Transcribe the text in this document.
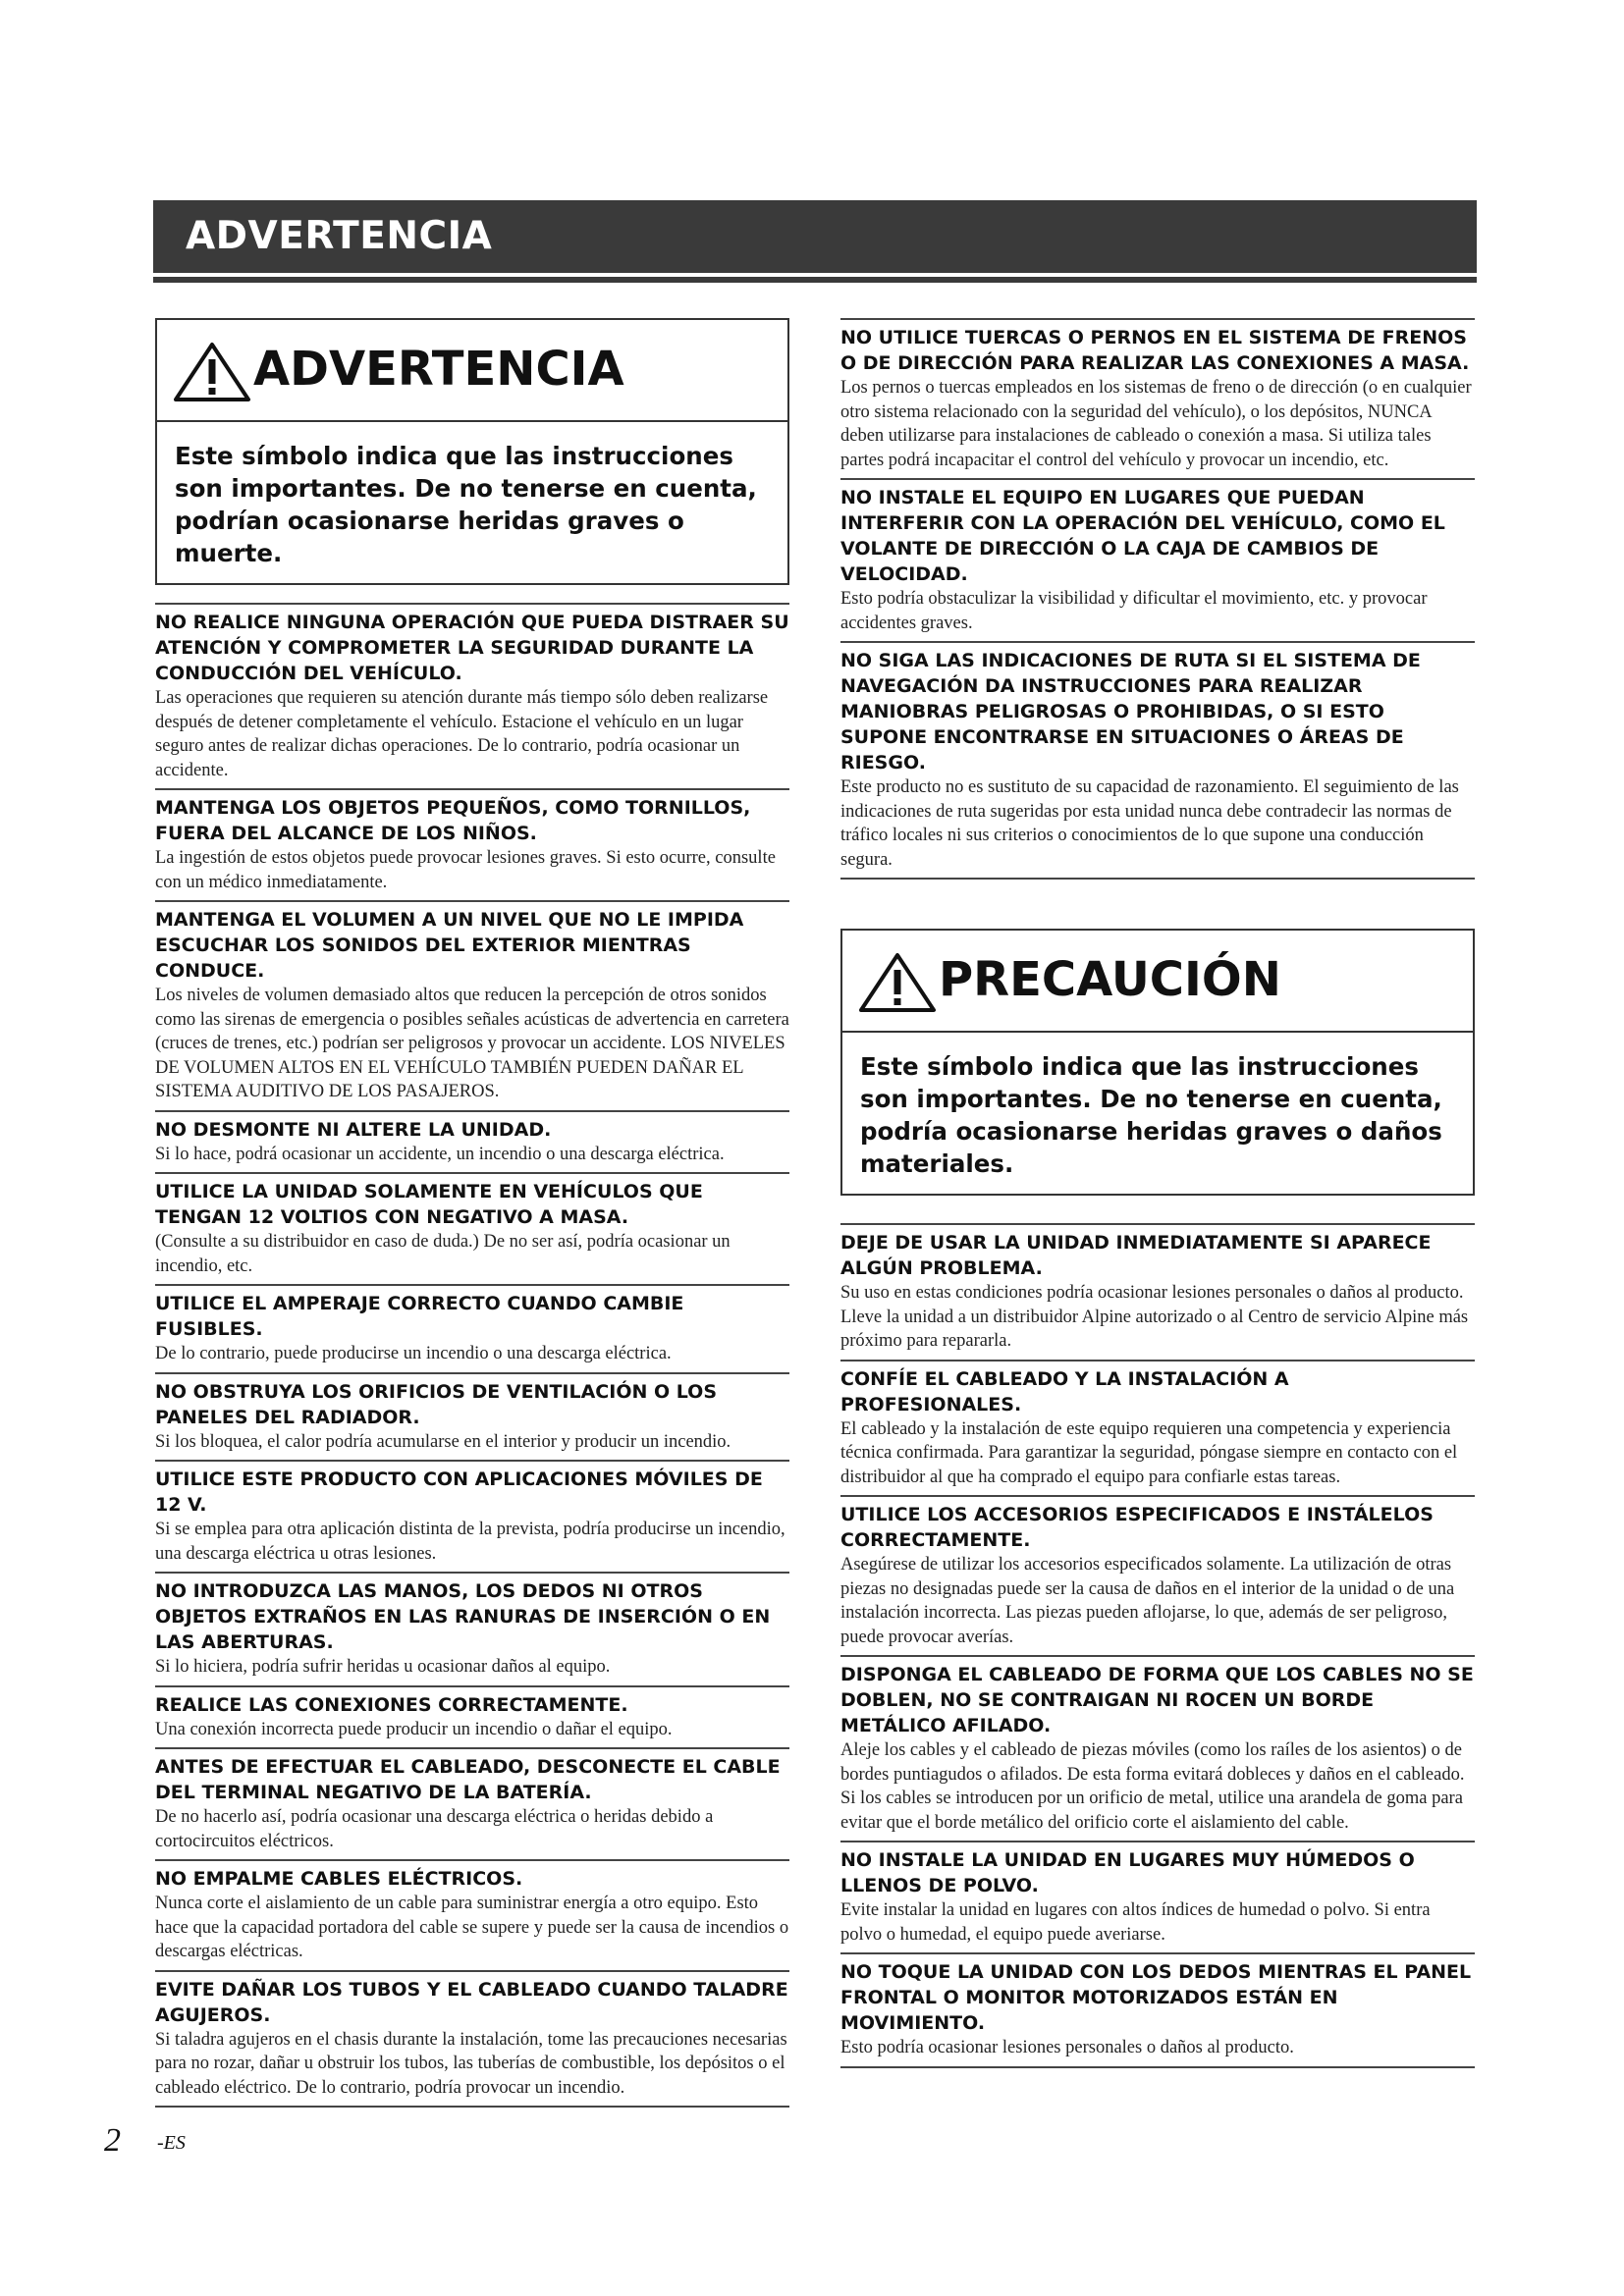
ADVERTENCIA
ADVERTENCIA
Este símbolo indica que las instrucciones son importantes. De no tenerse en cuenta, podrían ocasionarse heridas graves o muerte.
NO REALICE NINGUNA OPERACIÓN QUE PUEDA DISTRAER SU ATENCIÓN Y COMPROMETER LA SEGURIDAD DURANTE LA CONDUCCIÓN DEL VEHÍCULO.

Las operaciones que requieren su atención durante más tiempo sólo deben realizarse después de detener completamente el vehículo. Estacione el vehículo en un lugar seguro antes de realizar dichas operaciones. De lo contrario, podría ocasionar un accidente.

MANTENGA LOS OBJETOS PEQUEÑOS, COMO TORNILLOS, FUERA DEL ALCANCE DE LOS NIÑOS.

La ingestión de estos objetos puede provocar lesiones graves. Si esto ocurre, consulte con un médico inmediatamente.

MANTENGA EL VOLUMEN A UN NIVEL QUE NO LE IMPIDA ESCUCHAR LOS SONIDOS DEL EXTERIOR MIENTRAS CONDUCE.

Los niveles de volumen demasiado altos que reducen la percepción de otros sonidos como las sirenas de emergencia o posibles señales acústicas de advertencia en carretera (cruces de trenes, etc.) podrían ser peligrosos y provocar un accidente. LOS NIVELES DE VOLUMEN ALTOS EN EL VEHÍCULO TAMBIÉN PUEDEN DAÑAR EL SISTEMA AUDITIVO DE LOS PASAJEROS.

NO DESMONTE NI ALTERE LA UNIDAD.

Si lo hace, podrá ocasionar un accidente, un incendio o una descarga eléctrica.

UTILICE LA UNIDAD SOLAMENTE EN VEHÍCULOS QUE TENGAN 12 VOLTIOS CON NEGATIVO A MASA.

(Consulte a su distribuidor en caso de duda.) De no ser así, podría ocasionar un incendio, etc.

UTILICE EL AMPERAJE CORRECTO CUANDO CAMBIE FUSIBLES.

De lo contrario, puede producirse un incendio o una descarga eléctrica.

NO OBSTRUYA LOS ORIFICIOS DE VENTILACIÓN O LOS PANELES DEL RADIADOR.

Si los bloquea, el calor podría acumularse en el interior y producir un incendio.

UTILICE ESTE PRODUCTO CON APLICACIONES MÓVILES DE 12 V.

Si se emplea para otra aplicación distinta de la prevista, podría producirse un incendio, una descarga eléctrica u otras lesiones.

NO INTRODUZCA LAS MANOS, LOS DEDOS NI OTROS OBJETOS EXTRAÑOS EN LAS RANURAS DE INSERCIÓN O EN LAS ABERTURAS.

Si lo hiciera, podría sufrir heridas u ocasionar daños al equipo.

REALICE LAS CONEXIONES CORRECTAMENTE.

Una conexión incorrecta puede producir un incendio o dañar el equipo.

ANTES DE EFECTUAR EL CABLEADO, DESCONECTE EL CABLE DEL TERMINAL NEGATIVO DE LA BATERÍA.

De no hacerlo así, podría ocasionar una descarga eléctrica o heridas debido a cortocircuitos eléctricos.

NO EMPALME CABLES ELÉCTRICOS.

Nunca corte el aislamiento de un cable para suministrar energía a otro equipo. Esto hace que la capacidad portadora del cable se supere y puede ser la causa de incendios o descargas eléctricas.

EVITE DAÑAR LOS TUBOS Y EL CABLEADO CUANDO TALADRE AGUJEROS.

Si taladra agujeros en el chasis durante la instalación, tome las precauciones necesarias para no rozar, dañar u obstruir los tubos, las tuberías de combustible, los depósitos o el cableado eléctrico. De lo contrario, podría provocar un incendio.

NO UTILICE TUERCAS O PERNOS EN EL SISTEMA DE FRENOS O DE DIRECCIÓN PARA REALIZAR LAS CONEXIONES A MASA.

Los pernos o tuercas empleados en los sistemas de freno o de dirección (o en cualquier otro sistema relacionado con la seguridad del vehículo), o los depósitos, NUNCA deben utilizarse para instalaciones de cableado o conexión a masa. Si utiliza tales partes podrá incapacitar el control del vehículo y provocar un incendio, etc.

NO INSTALE EL EQUIPO EN LUGARES QUE PUEDAN INTERFERIR CON LA OPERACIÓN DEL VEHÍCULO, COMO EL VOLANTE DE DIRECCIÓN O LA CAJA DE CAMBIOS DE VELOCIDAD.

Esto podría obstaculizar la visibilidad y dificultar el movimiento, etc. y provocar accidentes graves.

NO SIGA LAS INDICACIONES DE RUTA SI EL SISTEMA DE NAVEGACIÓN DA INSTRUCCIONES PARA REALIZAR MANIOBRAS PELIGROSAS O PROHIBIDAS, O SI ESTO SUPONE ENCONTRARSE EN SITUACIONES O ÁREAS DE RIESGO.

Este producto no es sustituto de su capacidad de razonamiento. El seguimiento de las indicaciones de ruta sugeridas por esta unidad nunca debe contradecir las normas de tráfico locales ni sus criterios o conocimientos de lo que supone una conducción segura.

PRECAUCIÓN
Este símbolo indica que las instrucciones son importantes. De no tenerse en cuenta, podría ocasionarse heridas graves o daños materiales.
DEJE DE USAR LA UNIDAD INMEDIATAMENTE SI APARECE ALGÚN PROBLEMA.

Su uso en estas condiciones podría ocasionar lesiones personales o daños al producto. Lleve la unidad a un distribuidor Alpine autorizado o al Centro de servicio Alpine más próximo para repararla.

CONFÍE EL CABLEADO Y LA INSTALACIÓN A PROFESIONALES.

El cableado y la instalación de este equipo requieren una competencia y experiencia técnica confirmada. Para garantizar la seguridad, póngase siempre en contacto con el distribuidor al que ha comprado el equipo para confiarle estas tareas.

UTILICE LOS ACCESORIOS ESPECIFICADOS E INSTÁLELOS CORRECTAMENTE.

Asegúrese de utilizar los accesorios especificados solamente. La utilización de otras piezas no designadas puede ser la causa de daños en el interior de la unidad o de una instalación incorrecta. Las piezas pueden aflojarse, lo que, además de ser peligroso, puede provocar averías.

DISPONGA EL CABLEADO DE FORMA QUE LOS CABLES NO SE DOBLEN, NO SE CONTRAIGAN NI ROCEN UN BORDE METÁLICO AFILADO.

Aleje los cables y el cableado de piezas móviles (como los raíles de los asientos) o de bordes puntiagudos o afilados. De esta forma evitará dobleces y daños en el cableado. Si los cables se introducen por un orificio de metal, utilice una arandela de goma para evitar que el borde metálico del orificio corte el aislamiento del cable.

NO INSTALE LA UNIDAD EN LUGARES MUY HÚMEDOS O LLENOS DE POLVO.

Evite instalar la unidad en lugares con altos índices de humedad o polvo. Si entra polvo o humedad, el equipo puede averiarse.

NO TOQUE LA UNIDAD CON LOS DEDOS MIENTRAS EL PANEL FRONTAL O MONITOR MOTORIZADOS ESTÁN EN MOVIMIENTO.

Esto podría ocasionar lesiones personales o daños al producto.

2 -ES
